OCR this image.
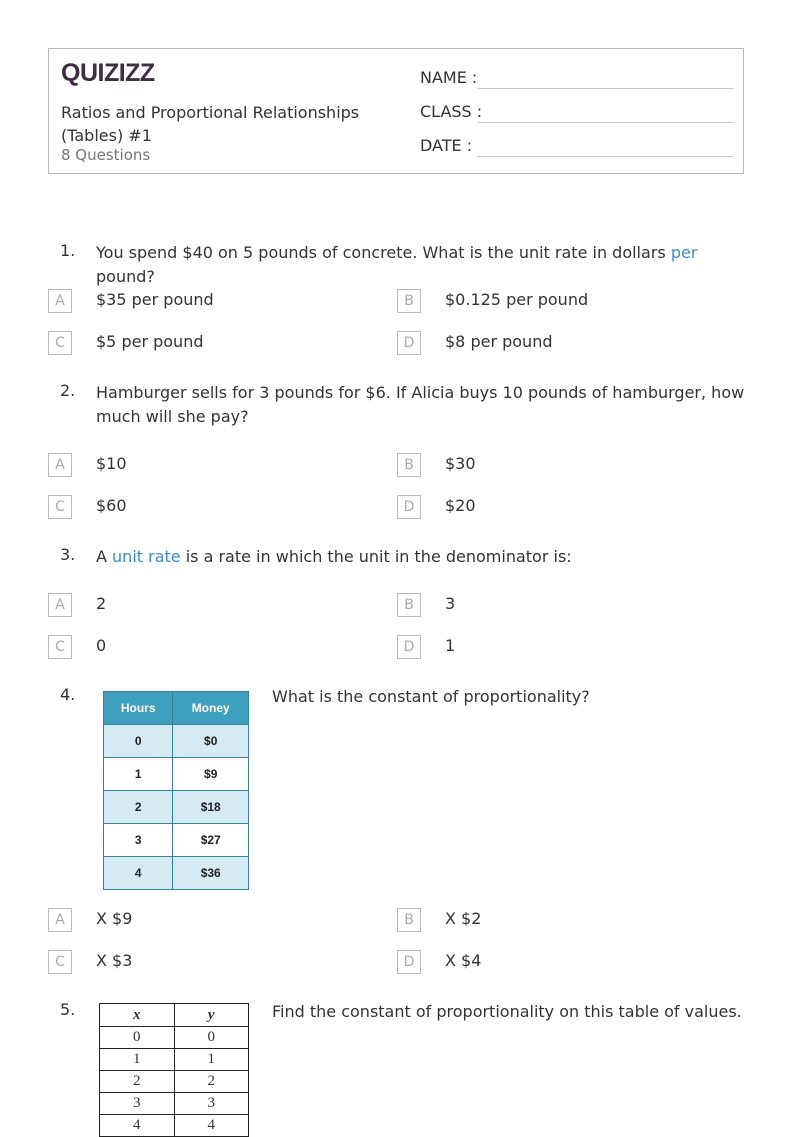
QUIZIZZ
Ratios and Proportional Relationships (Tables) #1
8 Questions
NAME :
CLASS :
DATE :
1. You spend $40 on 5 pounds of concrete. What is the unit rate in dollars per pound?
A	$35 per pound	B	$0.125 per pound
C	$5 per pound	D	$8 per pound
2. Hamburger sells for 3 pounds for $6. If Alicia buys 10 pounds of hamburger, how much will she pay?
A	$10	B	$30
C	$60	D	$20
3. A unit rate is a rate in which the unit in the denominator is:
A	2	B	3
C	0	D	1
4.	What is the constant of proportionality?
Hours	Money
0	$0
1	$9
2	$18
3	$27
4	$36
A	X $9	B	X $2
C	X $3	D	X $4
5.	Find the constant of proportionality on this table of values.
x	y
0	0
1	1
2	2
3	3
4	4
